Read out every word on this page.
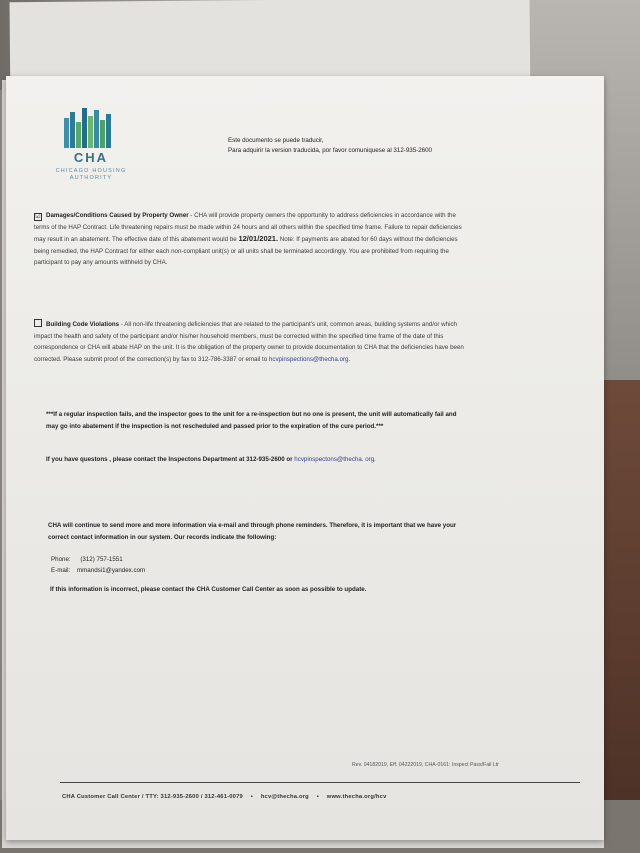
CHA
CHICAGO HOUSING
AUTHORITY
Este documento se puede traducir,
Para adquirir la version traducida, por favor comuniquese al 312-935-2600
☑ Damages/Conditions Caused by Property Owner - CHA will provide property owners the opportunity to address deficiencies in accordance with the terms of the HAP Contract. Life threatening repairs must be made within 24 hours and all others within the specified time frame. Failure to repair deficiencies may result in an abatement. The effective date of this abatement would be 12/01/2021. Note: If payments are abated for 60 days without the deficiencies being remedied, the HAP Contract for either each non-compliant unit(s) or all units shall be terminated accordingly. You are prohibited from requiring the participant to pay any amounts withheld by CHA.
Building Code Violations - All non-life threatening deficiencies that are related to the participant's unit, common areas, building systems and/or which impact the health and safety of the participant and/or his/her household members, must be corrected within the specified time frame of the date of this correspondence or CHA will abate HAP on the unit. It is the obligation of the property owner to provide documentation to CHA that the deficiencies have been corrected. Please submit proof of the correction(s) by fax to 312-786-3387 or email to hcvpinspections@thecha.org.
***If a regular inspection fails, and the inspector goes to the unit for a re-inspection but no one is present, the unit will automatically fail and may go into abatement if the inspection is not rescheduled and passed prior to the expiration of the cure period.***
If you have questons , please contact the Inspectons Department at 312-935-2600 or hcvpinspectons@thecha. org.
CHA will continue to send more and more information via e-mail and through phone reminders. Therefore, it is important that we have your correct contact information in our system. Our records indicate the following:
Phone: (312) 757-1551
E-mail: mmandsi1@yandex.com
If this information is incorrect, please contact the CHA Customer Call Center as soon as possible to update.
Rev. 04182019, Eff. 04222019, CHA-0161: Inspect Pass/Fail Ltr
CHA Customer Call Center / TTY: 312-935-2600 / 312-461-0079 • hcv@thecha.org • www.thecha.org/hcv
